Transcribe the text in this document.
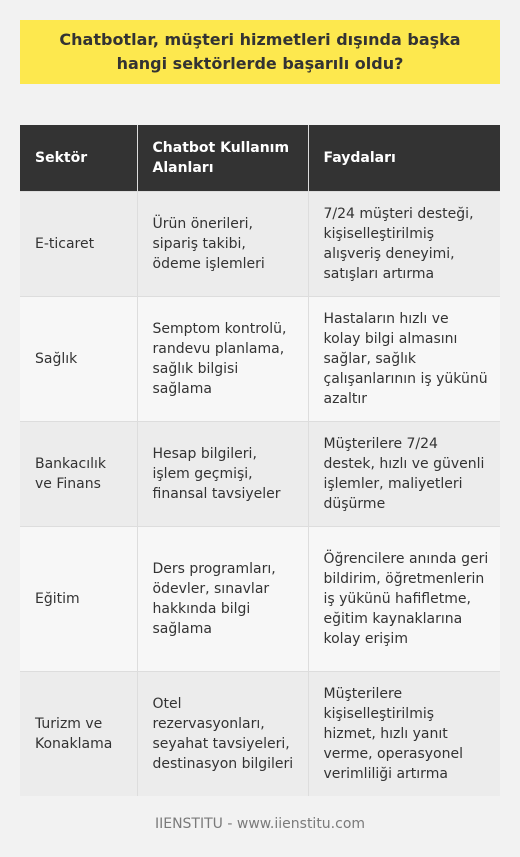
Chatbotlar, müşteri hizmetleri dışında başka hangi sektörlerde başarılı oldu?
Sektör	Chatbot Kullanım Alanları	Faydaları
E-ticaret	Ürün önerileri, sipariş takibi, ödeme işlemleri	7/24 müşteri desteği, kişiselleştirilmiş alışveriş deneyimi, satışları artırma
Sağlık	Semptom kontrolü, randevu planlama, sağlık bilgisi sağlama	Hastaların hızlı ve kolay bilgi almasını sağlar, sağlık çalışanlarının iş yükünü azaltır
Bankacılık ve Finans	Hesap bilgileri, işlem geçmişi, finansal tavsiyeler	Müşterilere 7/24 destek, hızlı ve güvenli işlemler, maliyetleri düşürme
Eğitim	Ders programları, ödevler, sınavlar hakkında bilgi sağlama	Öğrencilere anında geri bildirim, öğretmenlerin iş yükünü hafifletme, eğitim kaynaklarına kolay erişim
Turizm ve Konaklama	Otel rezervasyonları, seyahat tavsiyeleri, destinasyon bilgileri	Müşterilere kişiselleştirilmiş hizmet, hızlı yanıt verme, operasyonel verimliliği artırma
IIENSTITU - www.iienstitu.com
